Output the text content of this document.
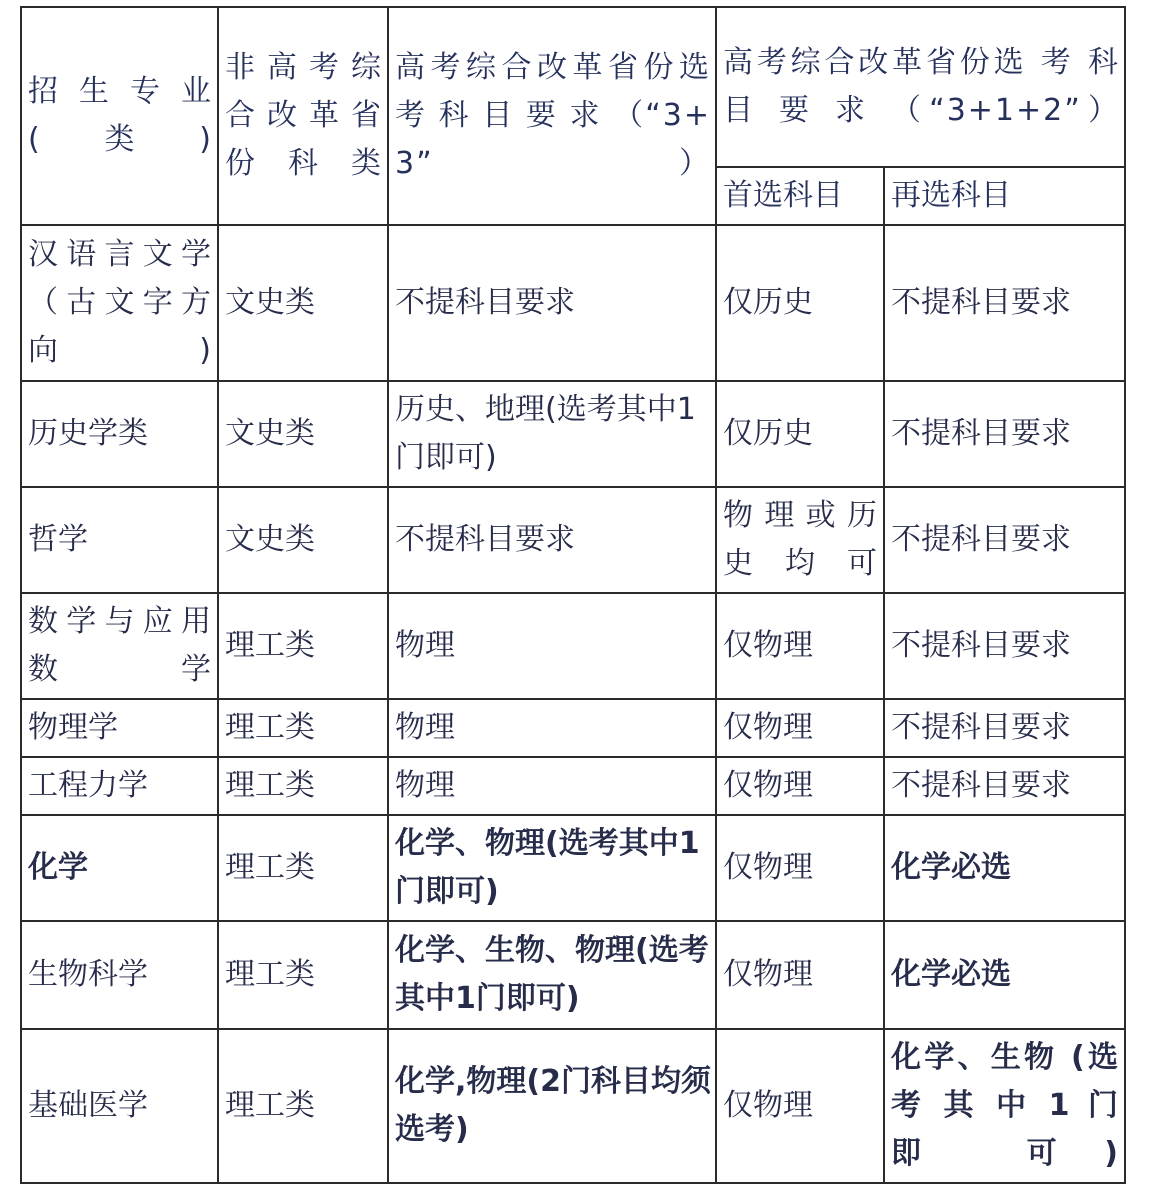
招 生 专 业 (类)	非高考综合改革省份科类	高考综合改革省份选考 科 目 要 求 （“3+3”）	高考综合改革省份选 考 科 目 要 求 （“3+1+2”）	
			首选科目	再选科目
汉语言文学（古文字方向)	文史类	不提科目要求	仅历史	不提科目要求
历史学类	文史类	历史、地理(选考其中1门即可)	仅历史	不提科目要求
哲学	文史类	不提科目要求	物理或历史均可	不提科目要求
数学与应用数学	理工类	物理	仅物理	不提科目要求
物理学	理工类	物理	仅物理	不提科目要求
工程力学	理工类	物理	仅物理	不提科目要求
化学	理工类	化学、物理(选考其中1门即可)	仅物理	化学必选
生物科学	理工类	化学、生物、物理(选考其中1门即可)	仅物理	化学必选
基础医学	理工类	化学,物理(2门科目均须选考)	仅物理	化学、生物 (选考 其 中 1 门 即 可)
